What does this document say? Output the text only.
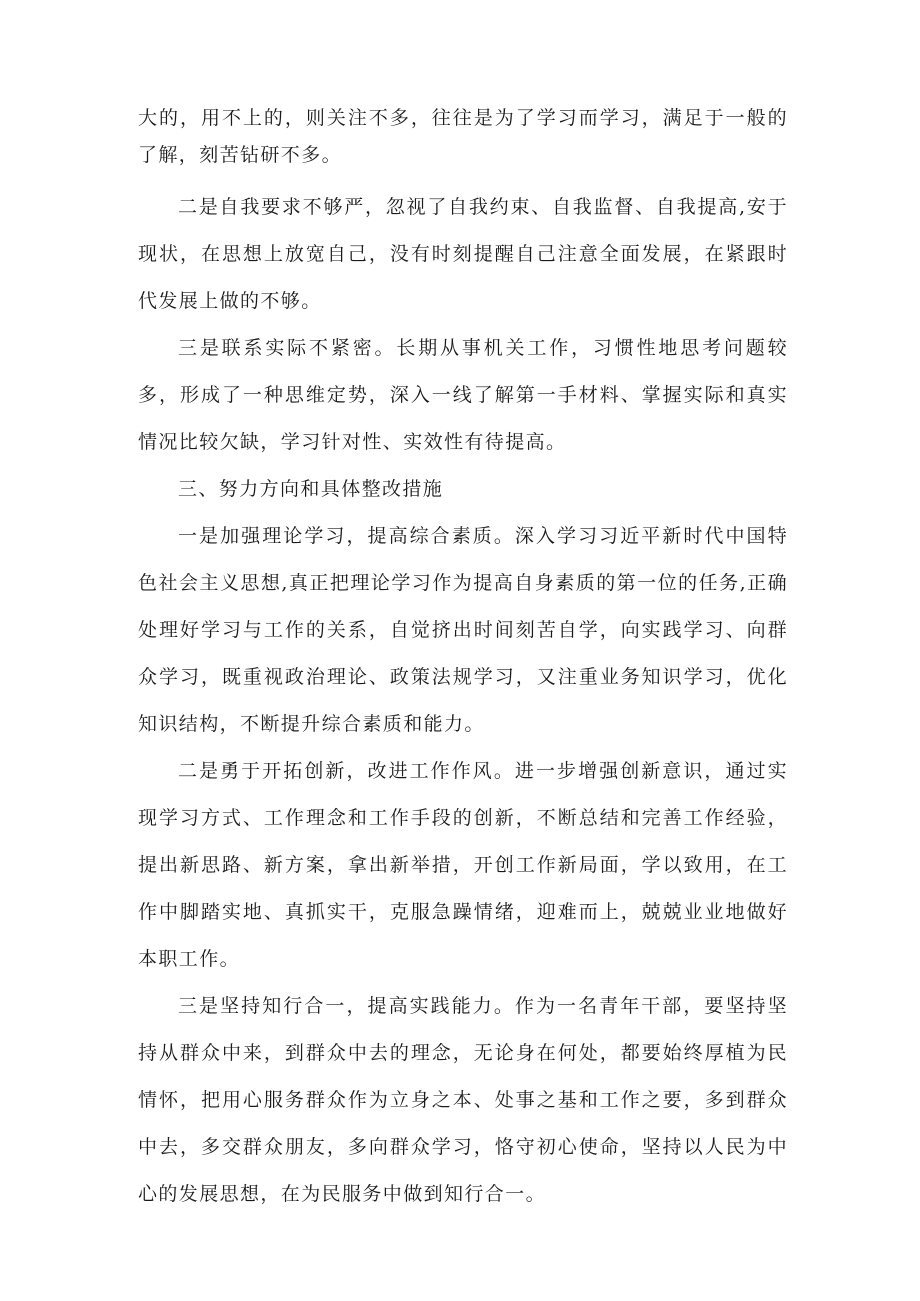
大的，用不上的，则关注不多，往往是为了学习而学习，满足于一般的了解，刻苦钻研不多。

二是自我要求不够严，忽视了自我约束、自我监督、自我提高,安于现状，在思想上放宽自己，没有时刻提醒自己注意全面发展，在紧跟时代发展上做的不够。

三是联系实际不紧密。长期从事机关工作，习惯性地思考问题较多，形成了一种思维定势，深入一线了解第一手材料、掌握实际和真实情况比较欠缺，学习针对性、实效性有待提高。

三、努力方向和具体整改措施

一是加强理论学习，提高综合素质。深入学习习近平新时代中国特色社会主义思想,真正把理论学习作为提高自身素质的第一位的任务,正确处理好学习与工作的关系，自觉挤出时间刻苦自学，向实践学习、向群众学习，既重视政治理论、政策法规学习，又注重业务知识学习，优化知识结构，不断提升综合素质和能力。

二是勇于开拓创新，改进工作作风。进一步增强创新意识，通过实现学习方式、工作理念和工作手段的创新，不断总结和完善工作经验，提出新思路、新方案，拿出新举措，开创工作新局面，学以致用，在工作中脚踏实地、真抓实干，克服急躁情绪，迎难而上，兢兢业业地做好本职工作。

三是坚持知行合一，提高实践能力。作为一名青年干部，要坚持坚持从群众中来，到群众中去的理念，无论身在何处，都要始终厚植为民情怀，把用心服务群众作为立身之本、处事之基和工作之要，多到群众中去，多交群众朋友，多向群众学习，恪守初心使命，坚持以人民为中心的发展思想，在为民服务中做到知行合一。
